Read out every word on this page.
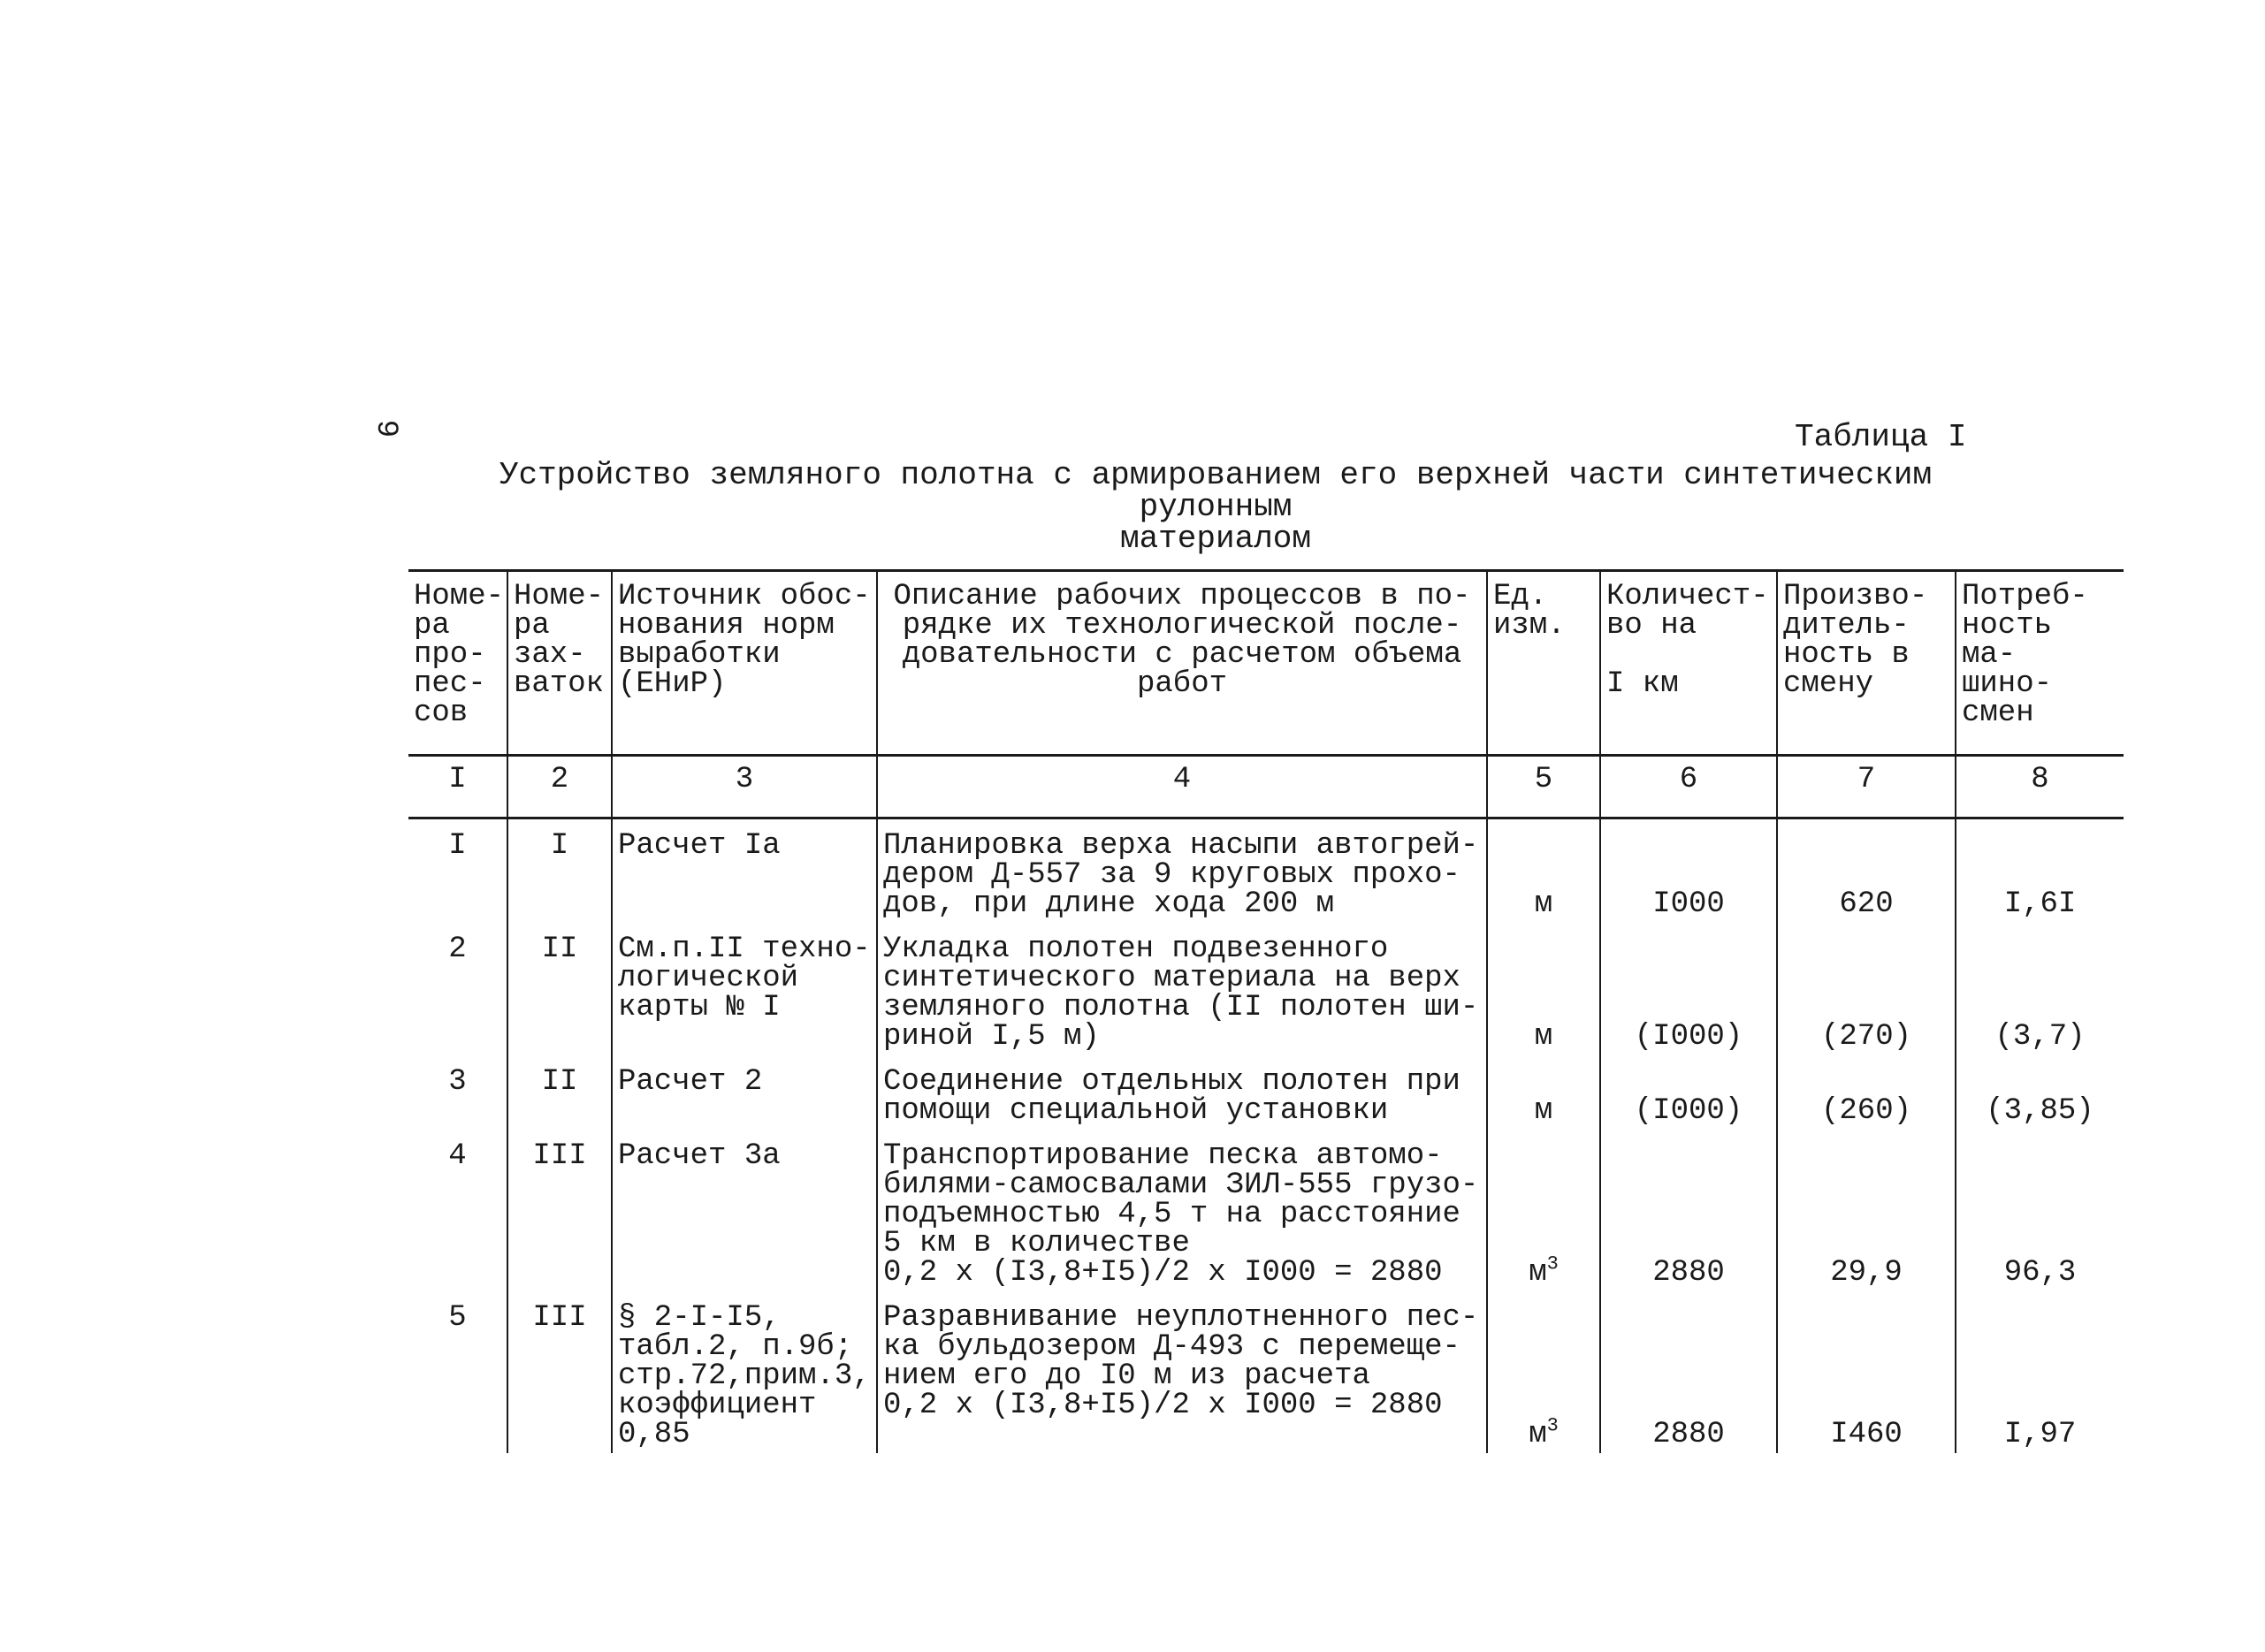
9	Таблица I
Устройство земляного полотна с армированием его верхней части синтетическим рулонным
материалом
Номе-
ра
про-
пес-
сов	Номе-
ра
зах-
ваток	Источник обос-
нования норм
выработки
(ЕНиР)	Описание рабочих процессов в по-
рядке их технологической после-
довательности с расчетом объема
работ	Ед.
изм.	Количест-
во на

I км	Произво-
дитель-
ность в
смену	Потреб-
ность ма-
шино-смен
I	2	3	4	5	6	7	8
I	I	Расчет Iа	Планировка верха насыпи автогрей-
дером Д-557 за 9 круговых прохо-
дов, при длине хода 200 м	м	I000	620	I,6I
2	II	См.п.II техно-
логической
карты № I	Укладка полотен подвезенного
синтетического материала на верх
земляного полотна (II полотен ши-
риной I,5 м)	м	(I000)	(270)	(3,7)
3	II	Расчет 2	Соединение отдельных полотен при
помощи специальной установки	м	(I000)	(260)	(3,85)
4	III	Расчет 3а	Транспортирование песка автомо-
билями-самосвалами ЗИЛ-555 грузо-
подъемностью 4,5 т на расстояние
5 км в количестве
0,2 х (I3,8+I5)/2 х I000 = 2880	$м^3$	2880	29,9	96,3
5	III	§ 2-I-I5,
табл.2, п.9б;
стр.72,прим.3,
коэффициент
0,85	Разравнивание неуплотненного пес-
ка бульдозером Д-493 с перемеще-
нием его до I0 м из расчета
0,2 х (I3,8+I5)/2 х I000 = 2880	$м^3$	2880	I460	I,97
